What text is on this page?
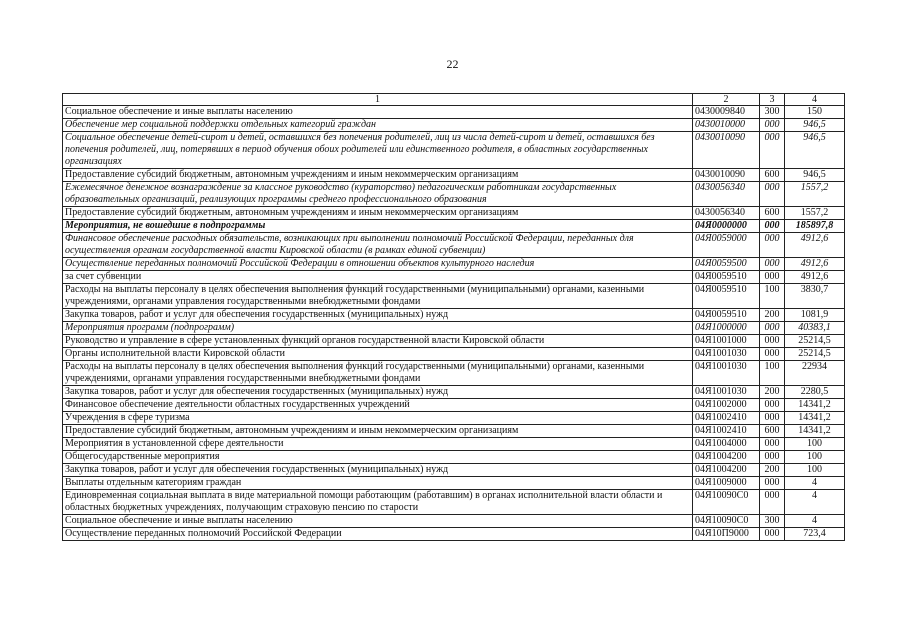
22
1	2	3	4
Социальное обеспечение и иные выплаты населению	0430009840	300	150
Обеспечение мер социальной поддержки отдельных категорий граждан	0430010000	000	946,5
Социальное обеспечение детей-сирот и детей, оставшихся без попечения родителей, лиц из числа детей-сирот и детей, оставшихся без попечения родителей, лиц, потерявших в период обучения обоих родителей или единственного родителя, в областных государственных организациях	0430010090	000	946,5
Предоставление субсидий бюджетным, автономным учреждениям и иным некоммерческим организациям	0430010090	600	946,5
Ежемесячное денежное вознаграждение за классное руководство (кураторство) педагогическим работникам государственных образовательных организаций, реализующих программы среднего профессионального образования	0430056340	000	1557,2
Предоставление субсидий бюджетным, автономным учреждениям и иным некоммерческим организациям	0430056340	600	1557,2
Мероприятия, не вошедшие в подпрограммы	04Я0000000	000	185897,8
Финансовое обеспечение расходных обязательств, возникающих при выполнении полномочий Российской Федерации, переданных для осуществления органам государственной власти Кировской области (в рамках единой субвенции)	04Я0059000	000	4912,6
Осуществление переданных полномочий Российской Федерации в отношении объектов культурного наследия	04Я0059500	000	4912,6
за счет субвенции	04Я0059510	000	4912,6
Расходы на выплаты персоналу в целях обеспечения выполнения функций государственными (муниципальными) органами, казенными учреждениями, органами управления государственными внебюджетными фондами	04Я0059510	100	3830,7
Закупка товаров, работ и услуг для обеспечения государственных (муниципальных) нужд	04Я0059510	200	1081,9
Мероприятия программ (подпрограмм)	04Я1000000	000	40383,1
Руководство и управление в сфере установленных функций органов государственной власти Кировской области	04Я1001000	000	25214,5
Органы исполнительной власти Кировской области	04Я1001030	000	25214,5
Расходы на выплаты персоналу в целях обеспечения выполнения функций государственными (муниципальными) органами, казенными учреждениями, органами управления государственными внебюджетными фондами	04Я1001030	100	22934
Закупка товаров, работ и услуг для обеспечения государственных (муниципальных) нужд	04Я1001030	200	2280,5
Финансовое обеспечение деятельности областных государственных учреждений	04Я1002000	000	14341,2
Учреждения в сфере туризма	04Я1002410	000	14341,2
Предоставление субсидий бюджетным, автономным учреждениям и иным некоммерческим организациям	04Я1002410	600	14341,2
Мероприятия в установленной сфере деятельности	04Я1004000	000	100
Общегосударственные мероприятия	04Я1004200	000	100
Закупка товаров, работ и услуг для обеспечения государственных (муниципальных) нужд	04Я1004200	200	100
Выплаты отдельным категориям граждан	04Я1009000	000	4
Единовременная социальная выплата в виде материальной помощи работающим (работавшим) в органах исполнительной власти области и областных бюджетных учреждениях, получающим страховую пенсию по старости	04Я10090С0	000	4
Социальное обеспечение и иные выплаты населению	04Я10090С0	300	4
Осуществление переданных полномочий Российской Федерации	04Я10П9000	000	723,4
